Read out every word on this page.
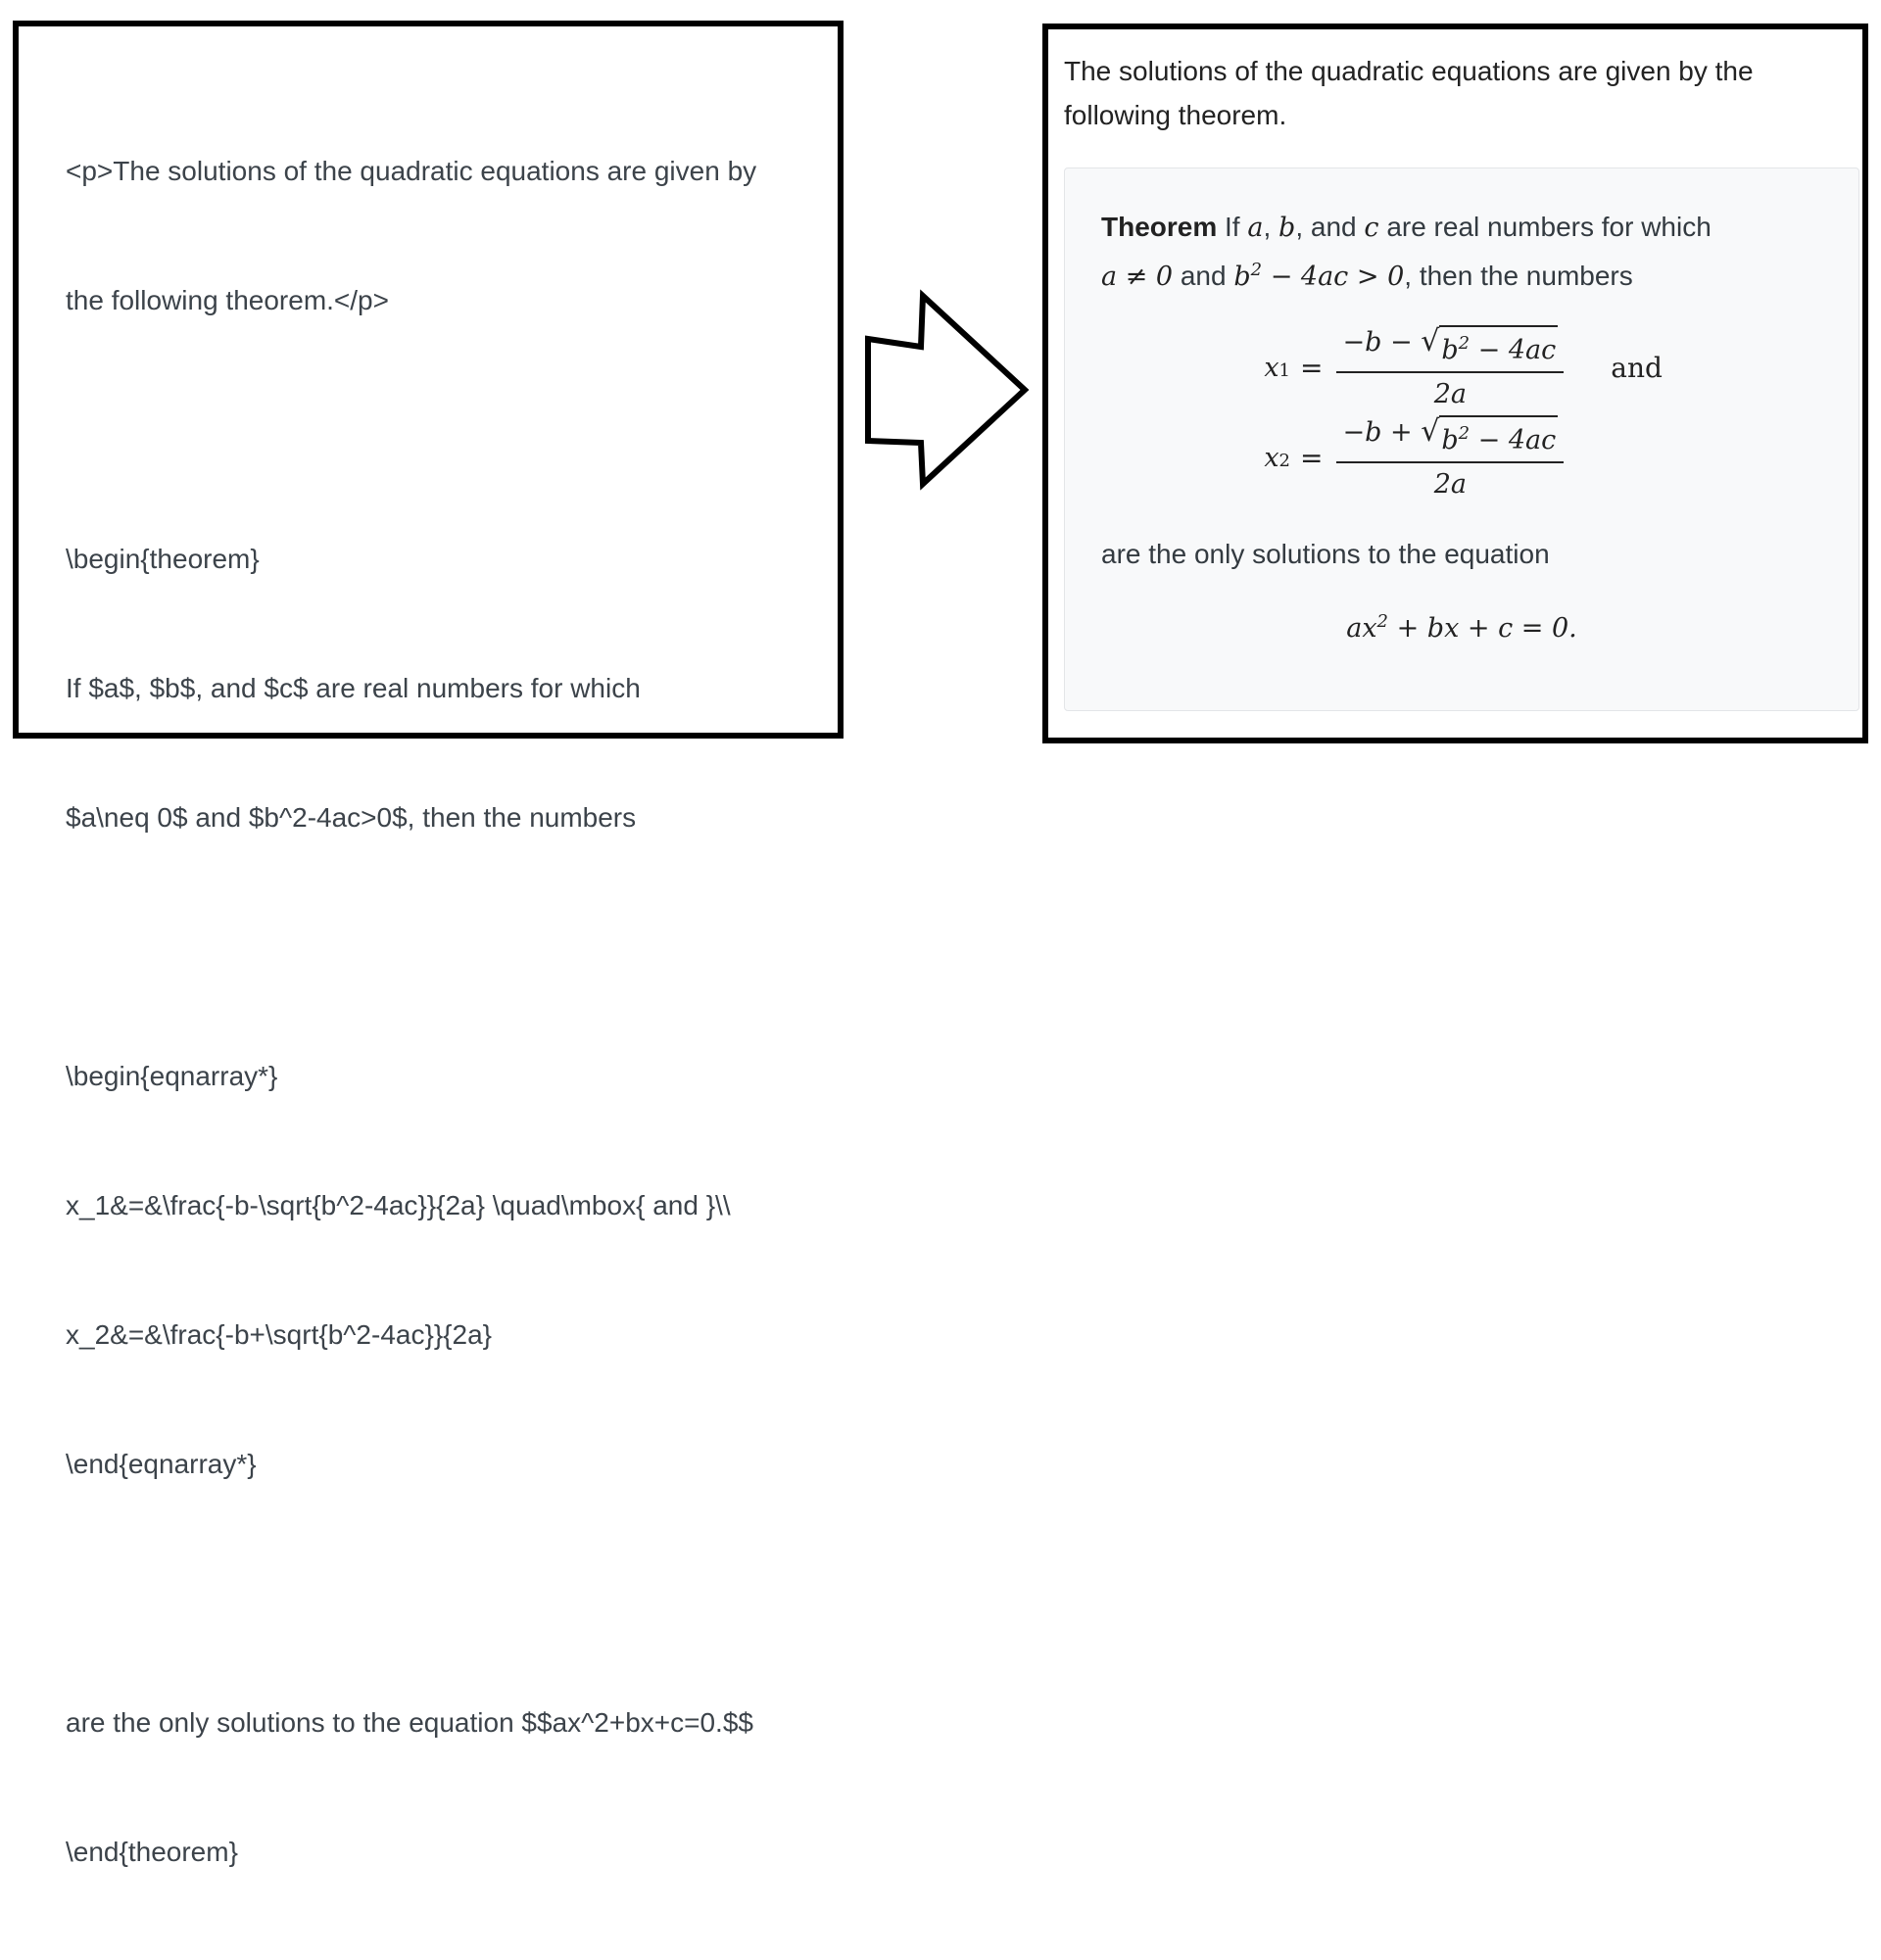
<p>The solutions of the quadratic equations are given by

the following theorem.</p>

\begin{theorem}

If $a$, $b$, and $c$ are real numbers for which

$a\neq 0$ and $b^2-4ac>0$, then the numbers

\begin{eqnarray*}

x_1&=&\frac{-b-\sqrt{b^2-4ac}}{2a} \quad\mbox{ and }\\

x_2&=&\frac{-b+\sqrt{b^2-4ac}}{2a}

\end{eqnarray*}

are the only solutions to the equation $$ax^2+bx+c=0.$$

\end{theorem}

The solutions of the quadratic equations are given by the
following theorem.
Theorem If a, b, and c are real numbers for which
a ≠ 0 and $b^2 - 4ac > 0$, then the numbers
x $1 = \frac{-b - √ b^2 - 4ac}{2a}$ and
x $2 = \frac{-b + √ b^2 - 4ac}{2a}$
are the only solutions to the equation
$ax^2$ + bx + c = 0.
